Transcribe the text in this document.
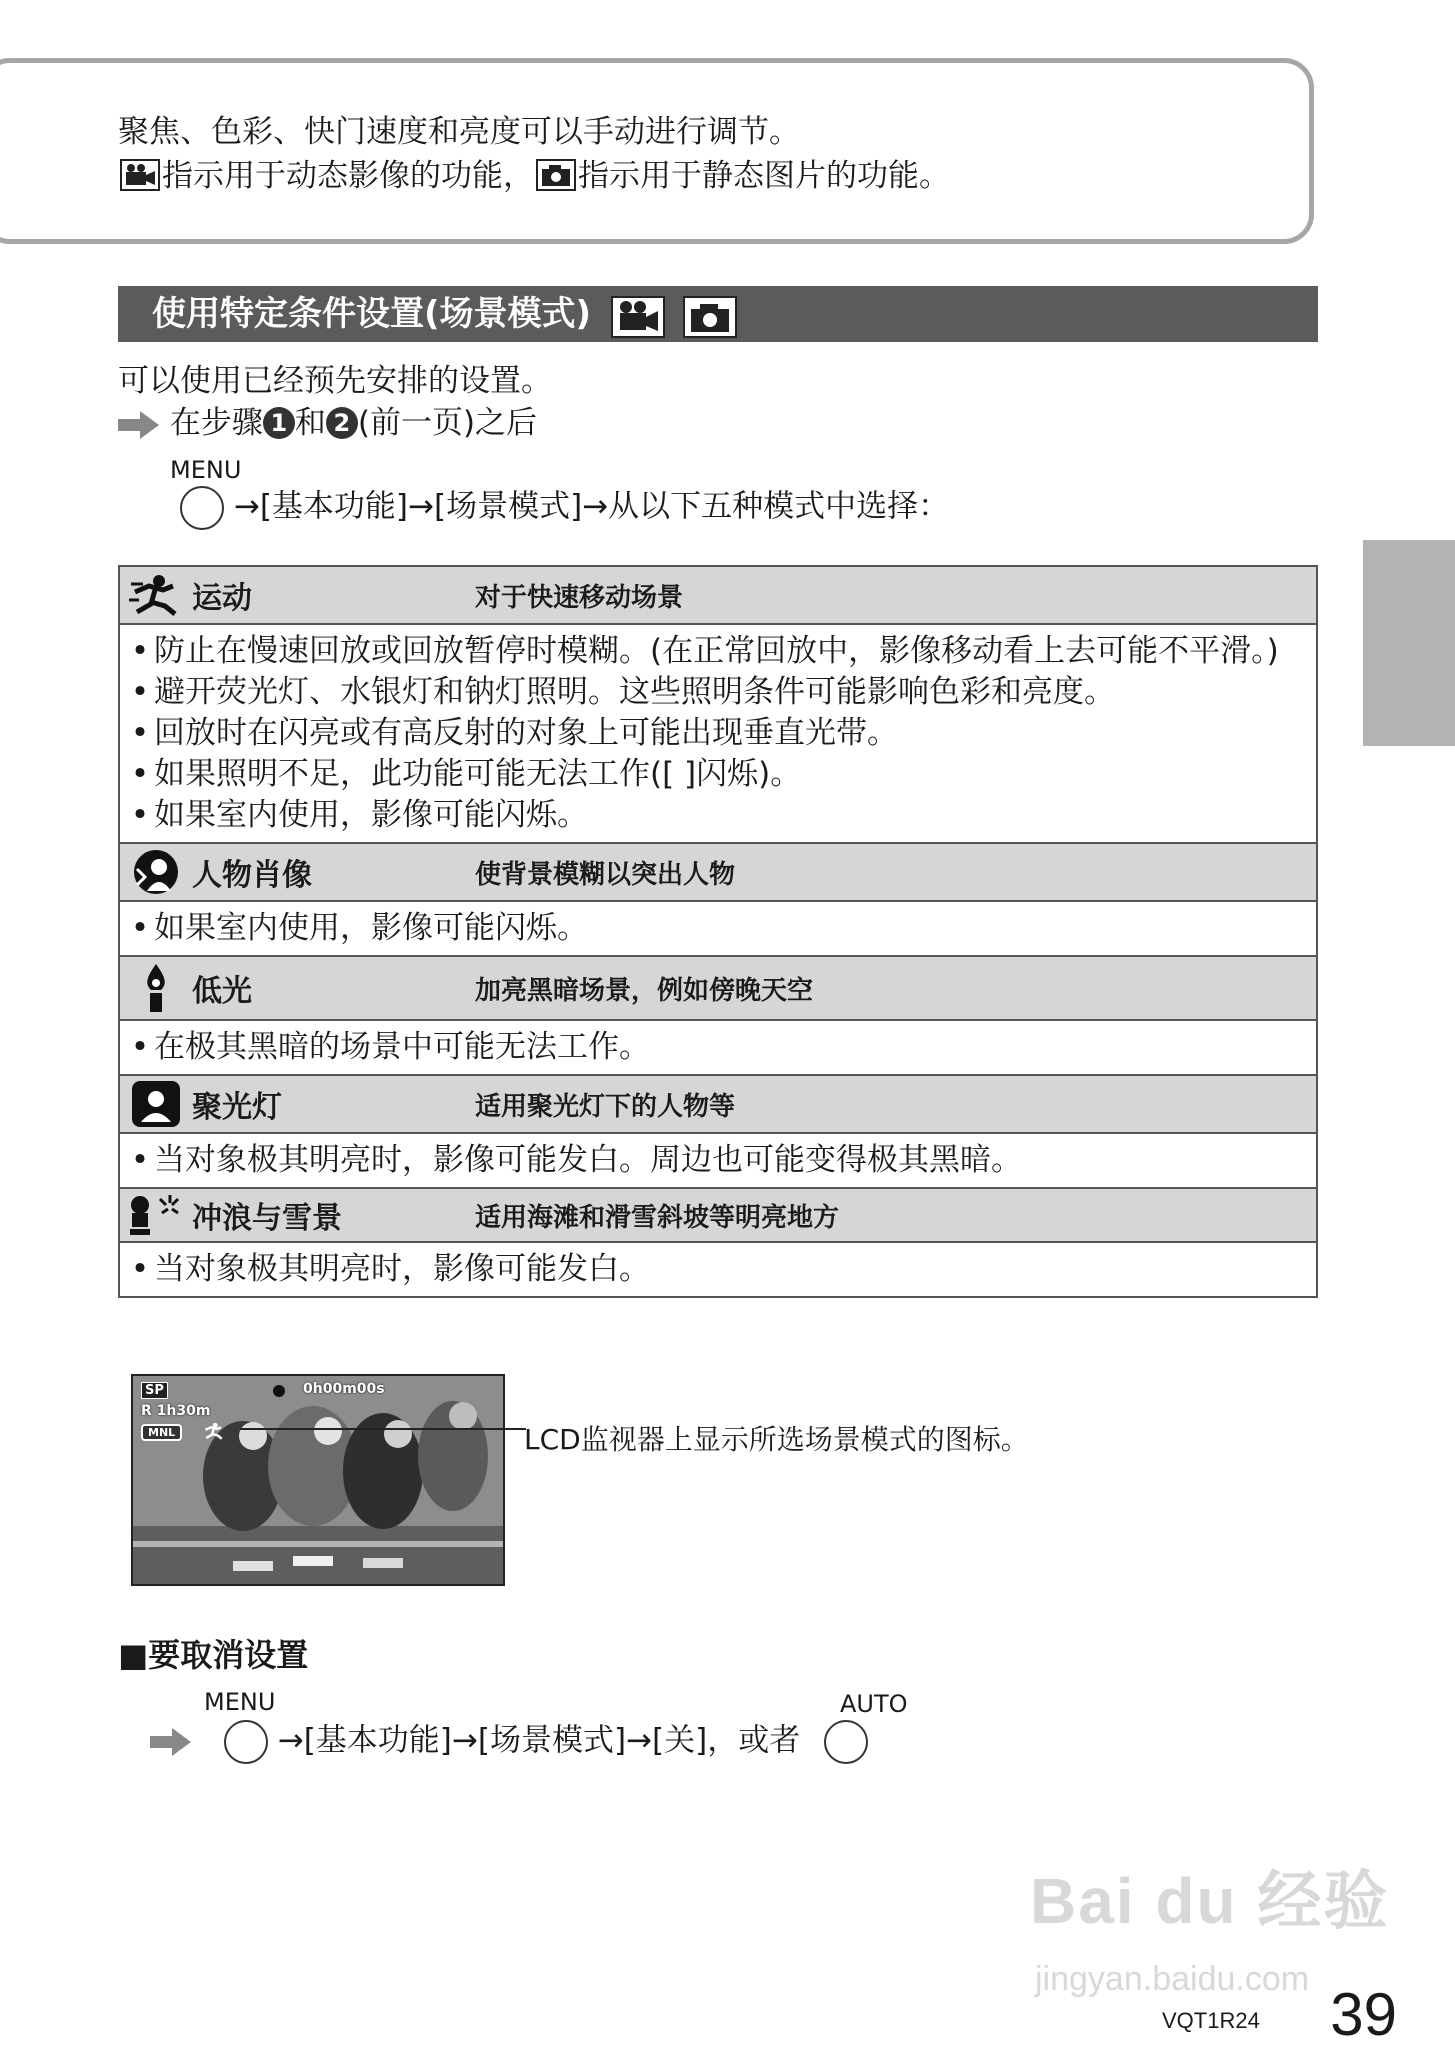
聚焦、色彩、快门速度和亮度可以手动进行调节。
指示用于动态影像的功能， 指示用于静态图片的功能。
使用特定条件设置(场景模式)
可以使用已经预先安排的设置。
在步骤 1 和 2 (前一页)之后
MENU
→[基本功能]→[场景模式]→从以下五种模式中选择：
运动	对于快速移动场景
• 防止在慢速回放或回放暂停时模糊。(在正常回放中，影像移动看上去可能不平滑。)
• 避开荧光灯、水银灯和钠灯照明。这些照明条件可能影响色彩和亮度。
• 回放时在闪亮或有高反射的对象上可能出现垂直光带。
• 如果照明不足，此功能可能无法工作([ ]闪烁)。
• 如果室内使用，影像可能闪烁。
人物肖像	使背景模糊以突出人物
• 如果室内使用，影像可能闪烁。
低光	加亮黑暗场景，例如傍晚天空
• 在极其黑暗的场景中可能无法工作。
聚光灯	适用聚光灯下的人物等
• 当对象极其明亮时，影像可能发白。周边也可能变得极其黑暗。
冲浪与雪景	适用海滩和滑雪斜坡等明亮地方
• 当对象极其明亮时，影像可能发白。
SP	0h00m00s
R 1h30m
MNL	LCD监视器上显示所选场景模式的图标。
■要取消设置
MENU	AUTO
→[基本功能]→[场景模式]→[关]，或者
Bai du 经验
jingyan.baidu.com
VQT1R24 39
